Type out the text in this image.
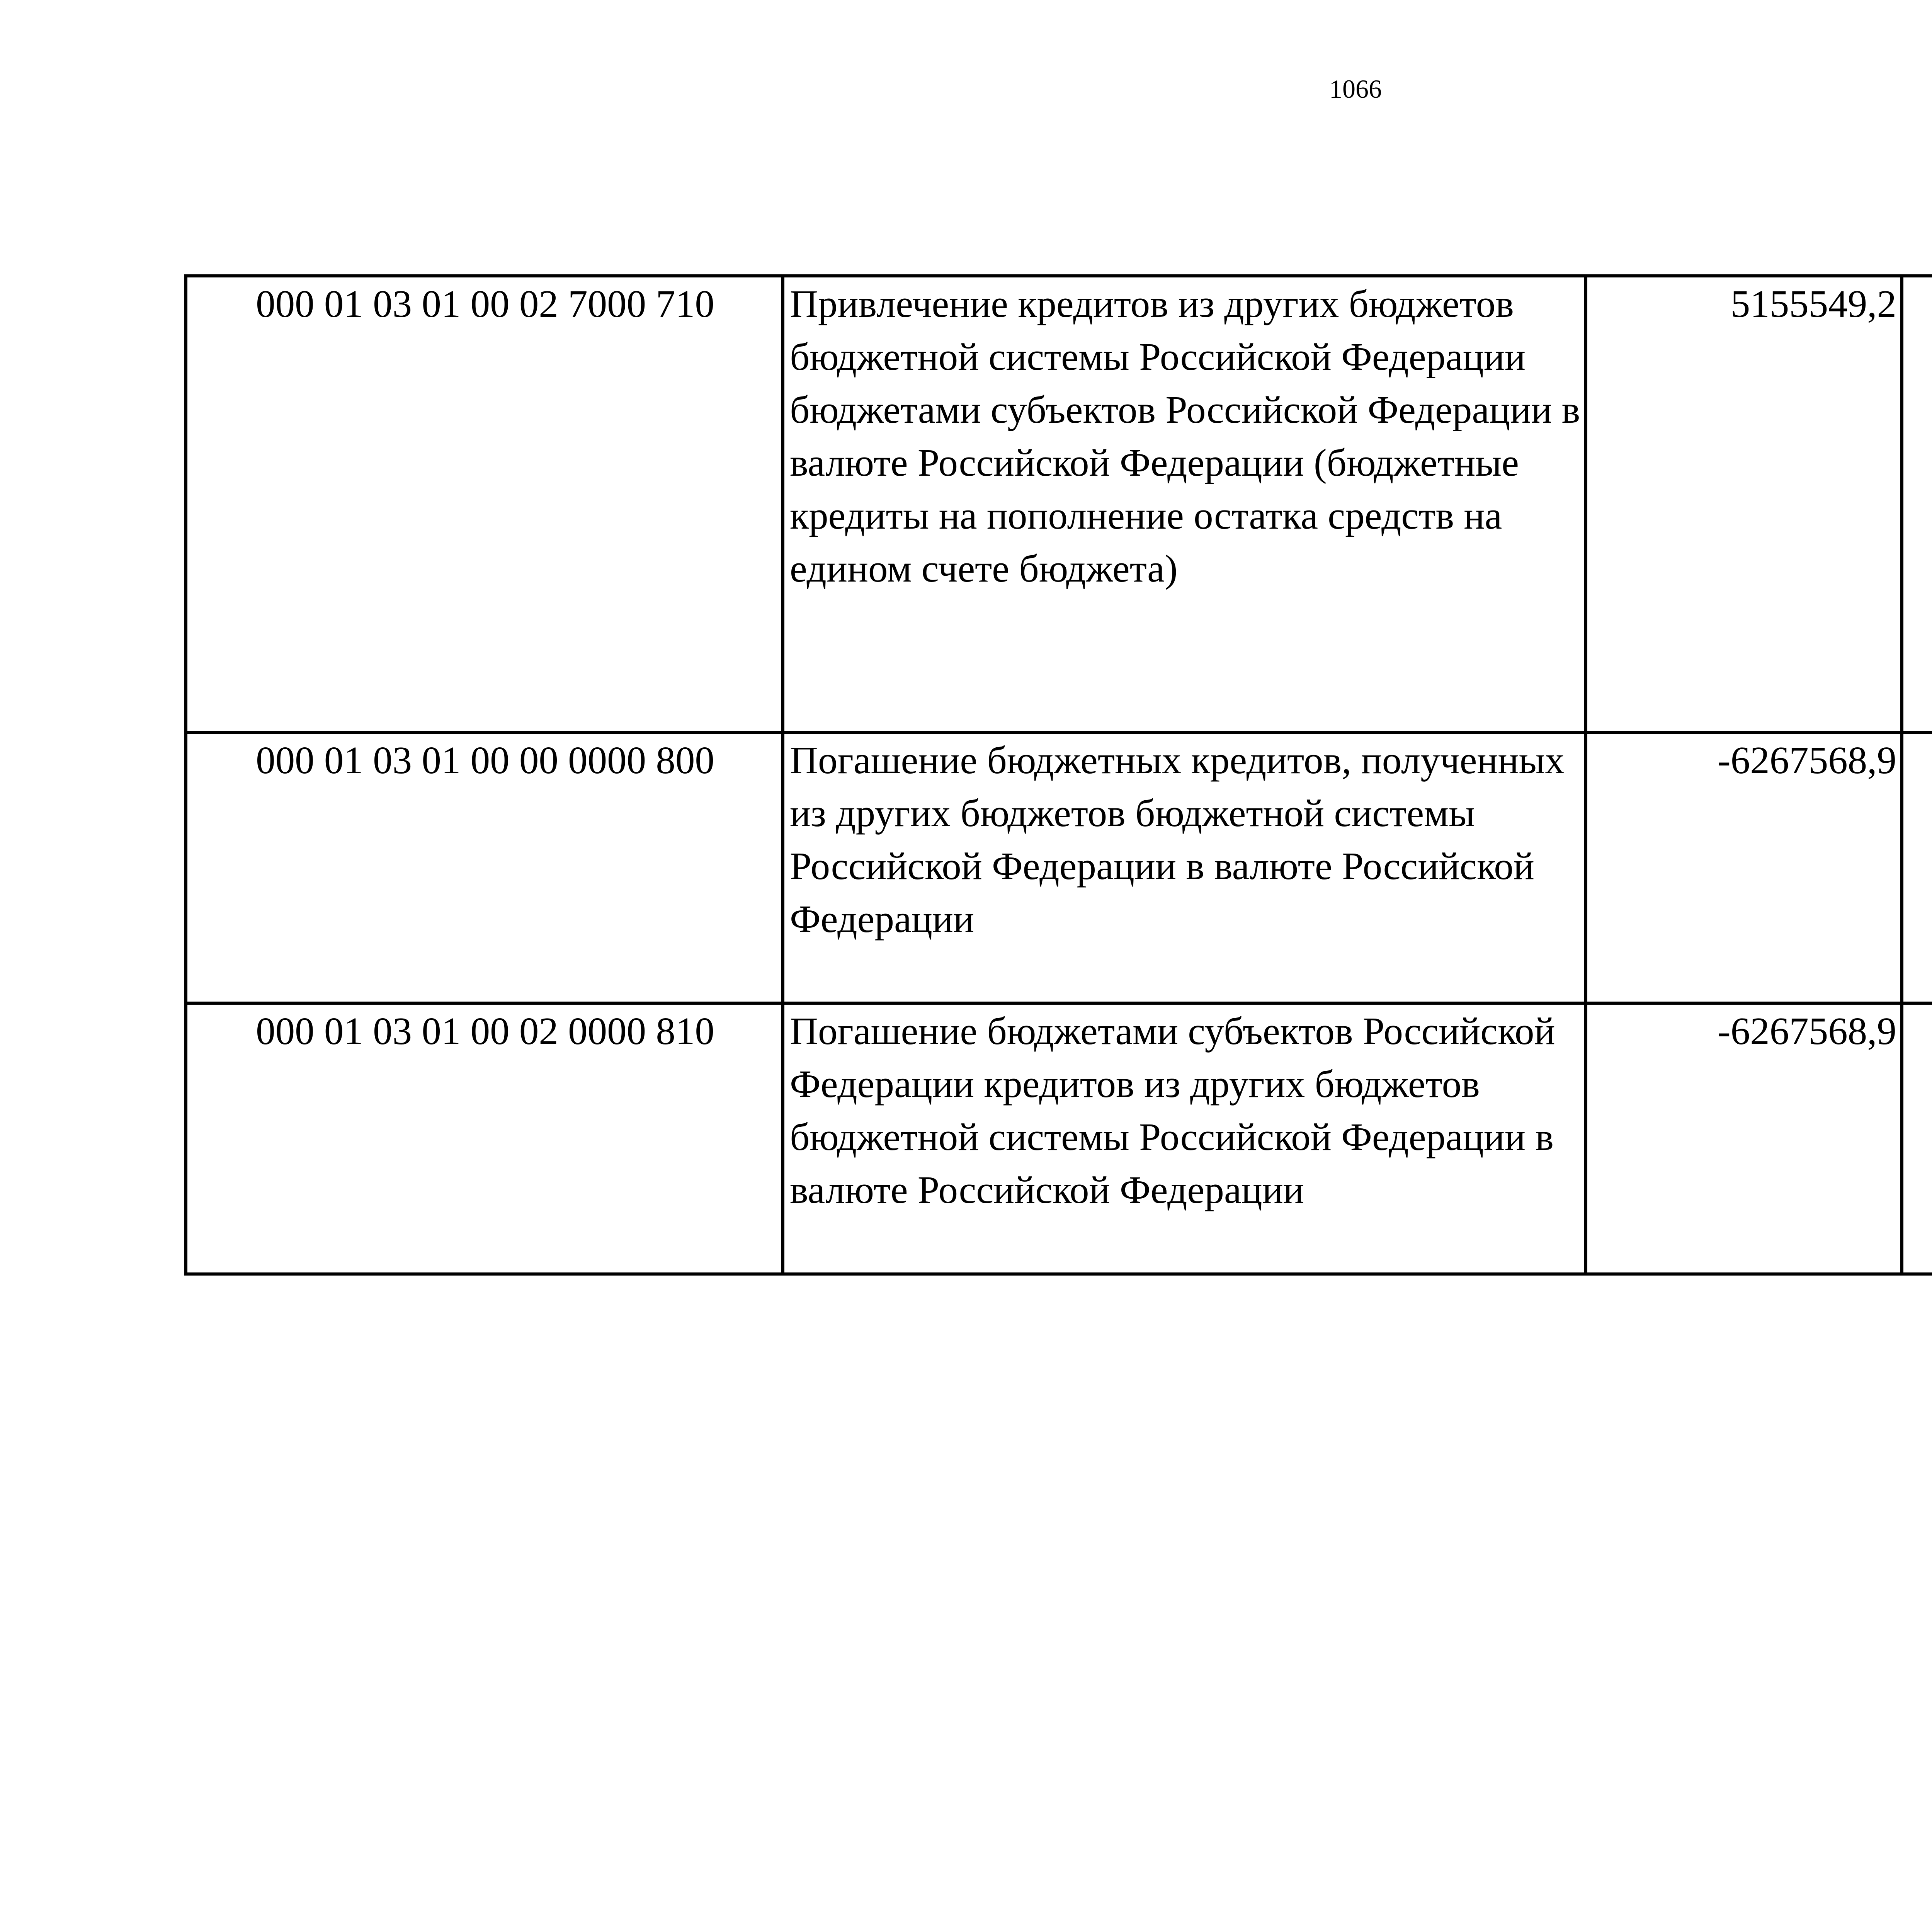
1066
000 01 03 01 00 02 7000 710	Привлечение кредитов из других бюджетов бюджетной системы Российской Федерации бюджетами субъектов Российской Федерации в валюте Российской Федерации (бюджетные кредиты на пополнение остатка средств на едином счете бюджета)	5155549,2		
000 01 03 01 00 00 0000 800	Погашение бюджетных кредитов, полученных из других бюджетов бюджетной системы Российской Федерации в валюте Российской Федерации	-6267568,9		
000 01 03 01 00 02 0000 810	Погашение бюджетами субъектов Российской Федерации кредитов из других бюджетов бюджетной системы Российской Федерации в валюте Российской Федерации	-6267568,9		
